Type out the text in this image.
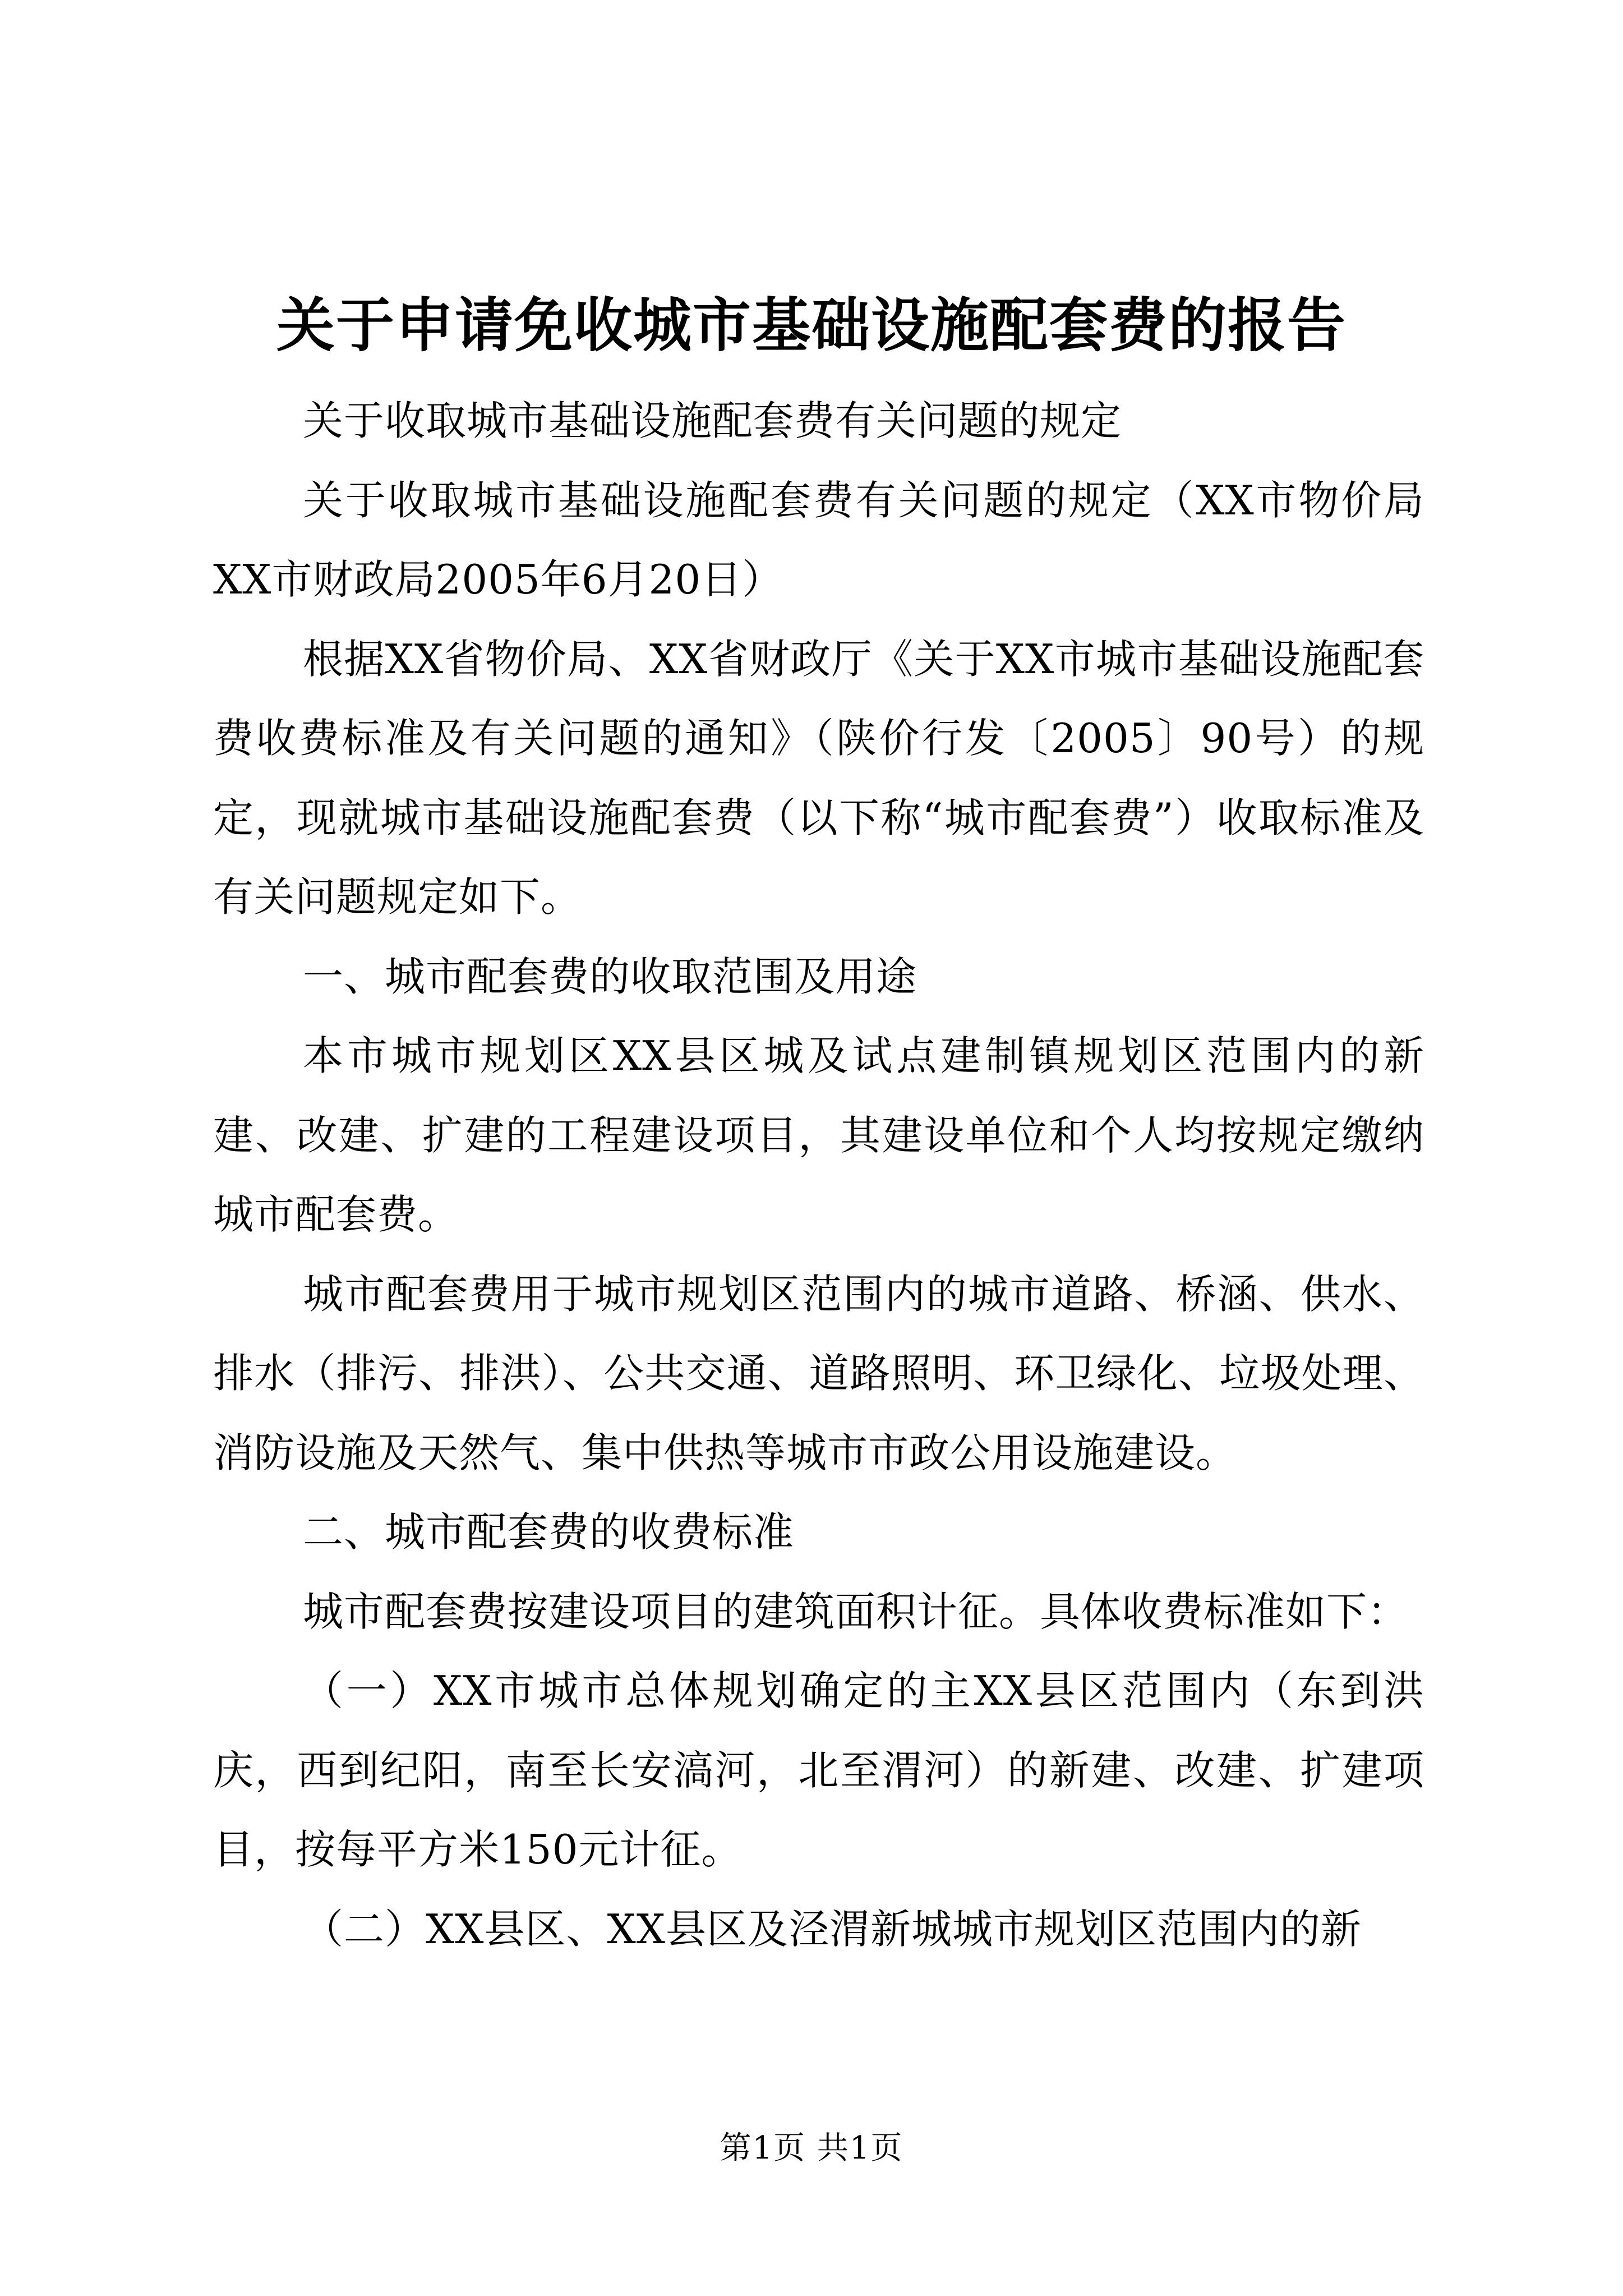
关于申请免收城市基础设施配套费的报告

关于收取城市基础设施配套费有关问题的规定

关于收取城市基础设施配套费有关问题的规定（XX市物价局XX市财政局2005年6月20日）

根据XX省物价局、XX省财政厅《关于XX市城市基础设施配套费收费标准及有关问题的通知》（陕价行发〔2005〕90号）的规定，现就城市基础设施配套费（以下称“城市配套费”）收取标准及有关问题规定如下。

一、城市配套费的收取范围及用途

本市城市规划区XX县区城及试点建制镇规划区范围内的新建、改建、扩建的工程建设项目，其建设单位和个人均按规定缴纳城市配套费。

城市配套费用于城市规划区范围内的城市道路、桥涵、供水、排水（排污、排洪）、公共交通、道路照明、环卫绿化、垃圾处理、消防设施及天然气、集中供热等城市市政公用设施建设。

二、城市配套费的收费标准

城市配套费按建设项目的建筑面积计征。具体收费标准如下：

（一）XX市城市总体规划确定的主XX县区范围内（东到洪庆，西到纪阳，南至长安滈河，北至渭河）的新建、改建、扩建项目，按每平方米150元计征。

（二）XX县区、XX县区及泾渭新城城市规划区范围内的新

第1页 共1页
